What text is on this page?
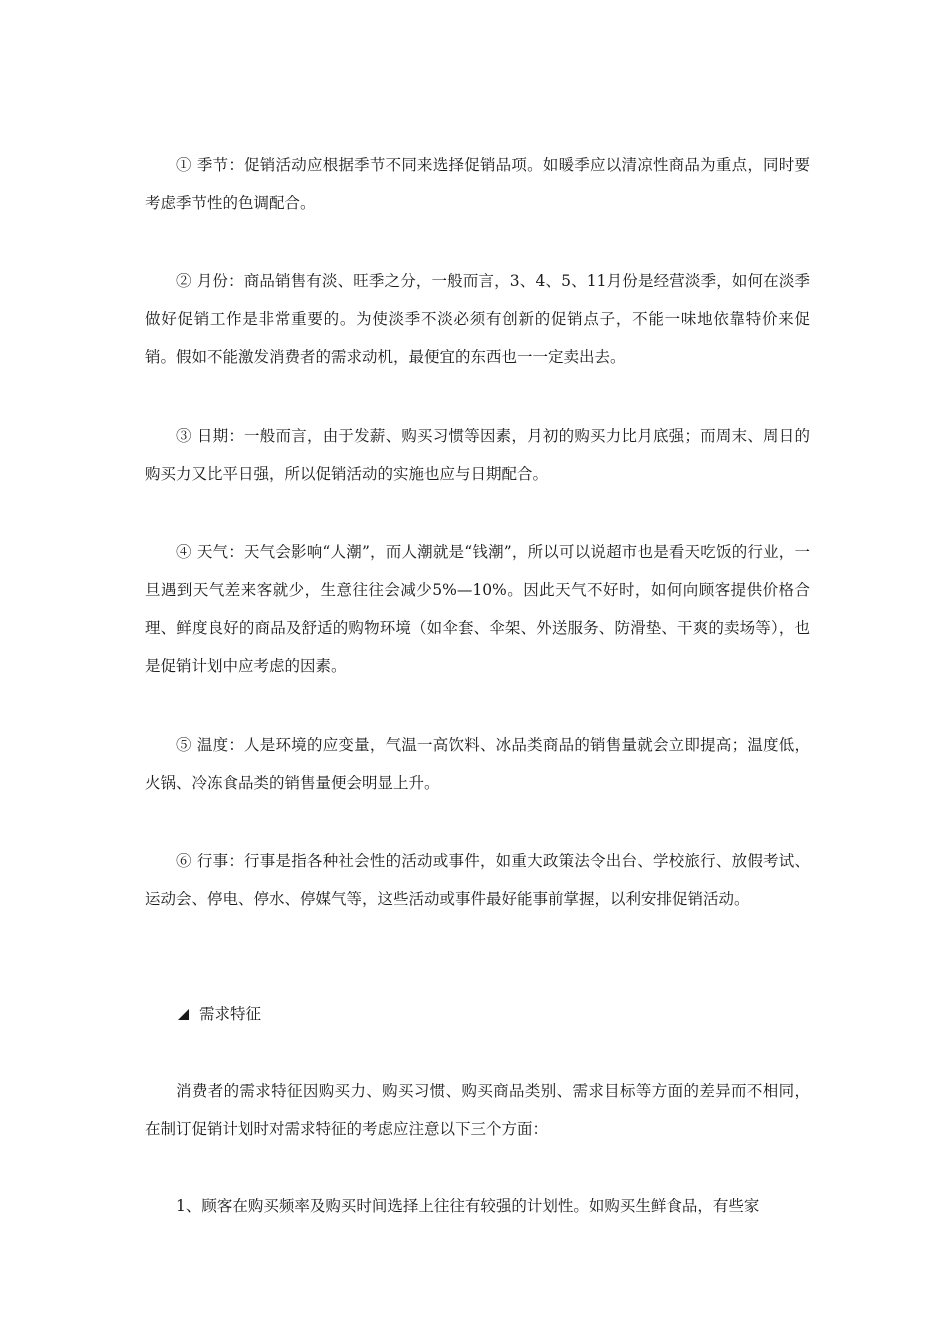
① 季节：促销活动应根据季节不同来选择促销品项。如暖季应以清凉性商品为重点，同时要考虑季节性的色调配合。

② 月份：商品销售有淡、旺季之分，一般而言，3、4、5、11月份是经营淡季，如何在淡季做好促销工作是非常重要的。为使淡季不淡必须有创新的促销点子，不能一味地依靠特价来促销。假如不能激发消费者的需求动机，最便宜的东西也一一定卖出去。

③ 日期：一般而言，由于发薪、购买习惯等因素，月初的购买力比月底强；而周末、周日的购买力又比平日强，所以促销活动的实施也应与日期配合。

④ 天气：天气会影响“人潮”，而人潮就是“钱潮”，所以可以说超市也是看天吃饭的行业，一旦遇到天气差来客就少，生意往往会减少5%—10%。因此天气不好时，如何向顾客提供价格合理、鲜度良好的商品及舒适的购物环境（如伞套、伞架、外送服务、防滑垫、干爽的卖场等），也是促销计划中应考虑的因素。

⑤ 温度：人是环境的应变量，气温一高饮料、冰品类商品的销售量就会立即提高；温度低，火锅、冷冻食品类的销售量便会明显上升。

⑥ 行事：行事是指各种社会性的活动或事件，如重大政策法令出台、学校旅行、放假考试、运动会、停电、停水、停媒气等，这些活动或事件最好能事前掌握，以利安排促销活动。

需求特征

消费者的需求特征因购买力、购买习惯、购买商品类别、需求目标等方面的差异而不相同，在制订促销计划时对需求特征的考虑应注意以下三个方面：

1、顾客在购买频率及购买时间选择上往往有较强的计划性。如购买生鲜食品，有些家
